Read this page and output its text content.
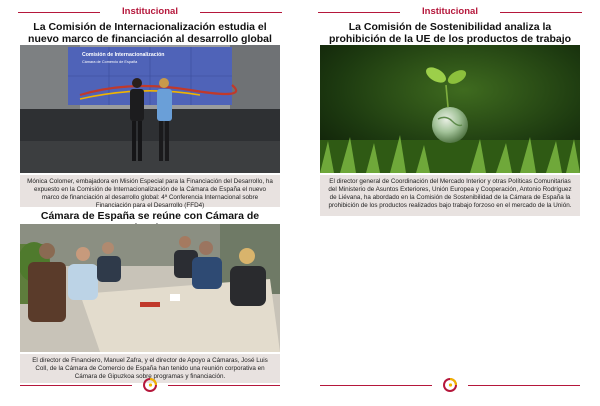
Institucional
La Comisión de Internacionalización estudia el nuevo marco de financiación al desarrollo global
Comisión de Internacionalización
Cámara de Comercio de España
Mónica Colomer, embajadora en Misión Especial para la Financiación del Desarrollo, ha expuesto en la Comisión de Internacionalización de la Cámara de España el nuevo marco de financiación al desarrollo global: 4ª Conferencia Internacional sobre Financiación para el Desarrollo (FFD4)
Cámara de España se reúne con Cámara de
El director de Financiero, Manuel Zafra, y el director de Apoyo a Cámaras, José Luis Coll, de la Cámara de Comercio de España han tenido una reunión corporativa en Cámara de Gipuzkoa sobre programas y financiación.
Institucional
La Comisión de Sostenibilidad analiza la prohibición de la UE de los productos de trabajo
El director general de Coordinación del Mercado Interior y otras Políticas Comunitarias del Ministerio de Asuntos Exteriores, Unión Europea y Cooperación, Antonio Rodríguez de Liévana, ha abordado en la Comisión de Sostenibilidad de la Cámara de España la prohibición de los productos realizados bajo trabajo forzoso en el mercado de la Unión.
